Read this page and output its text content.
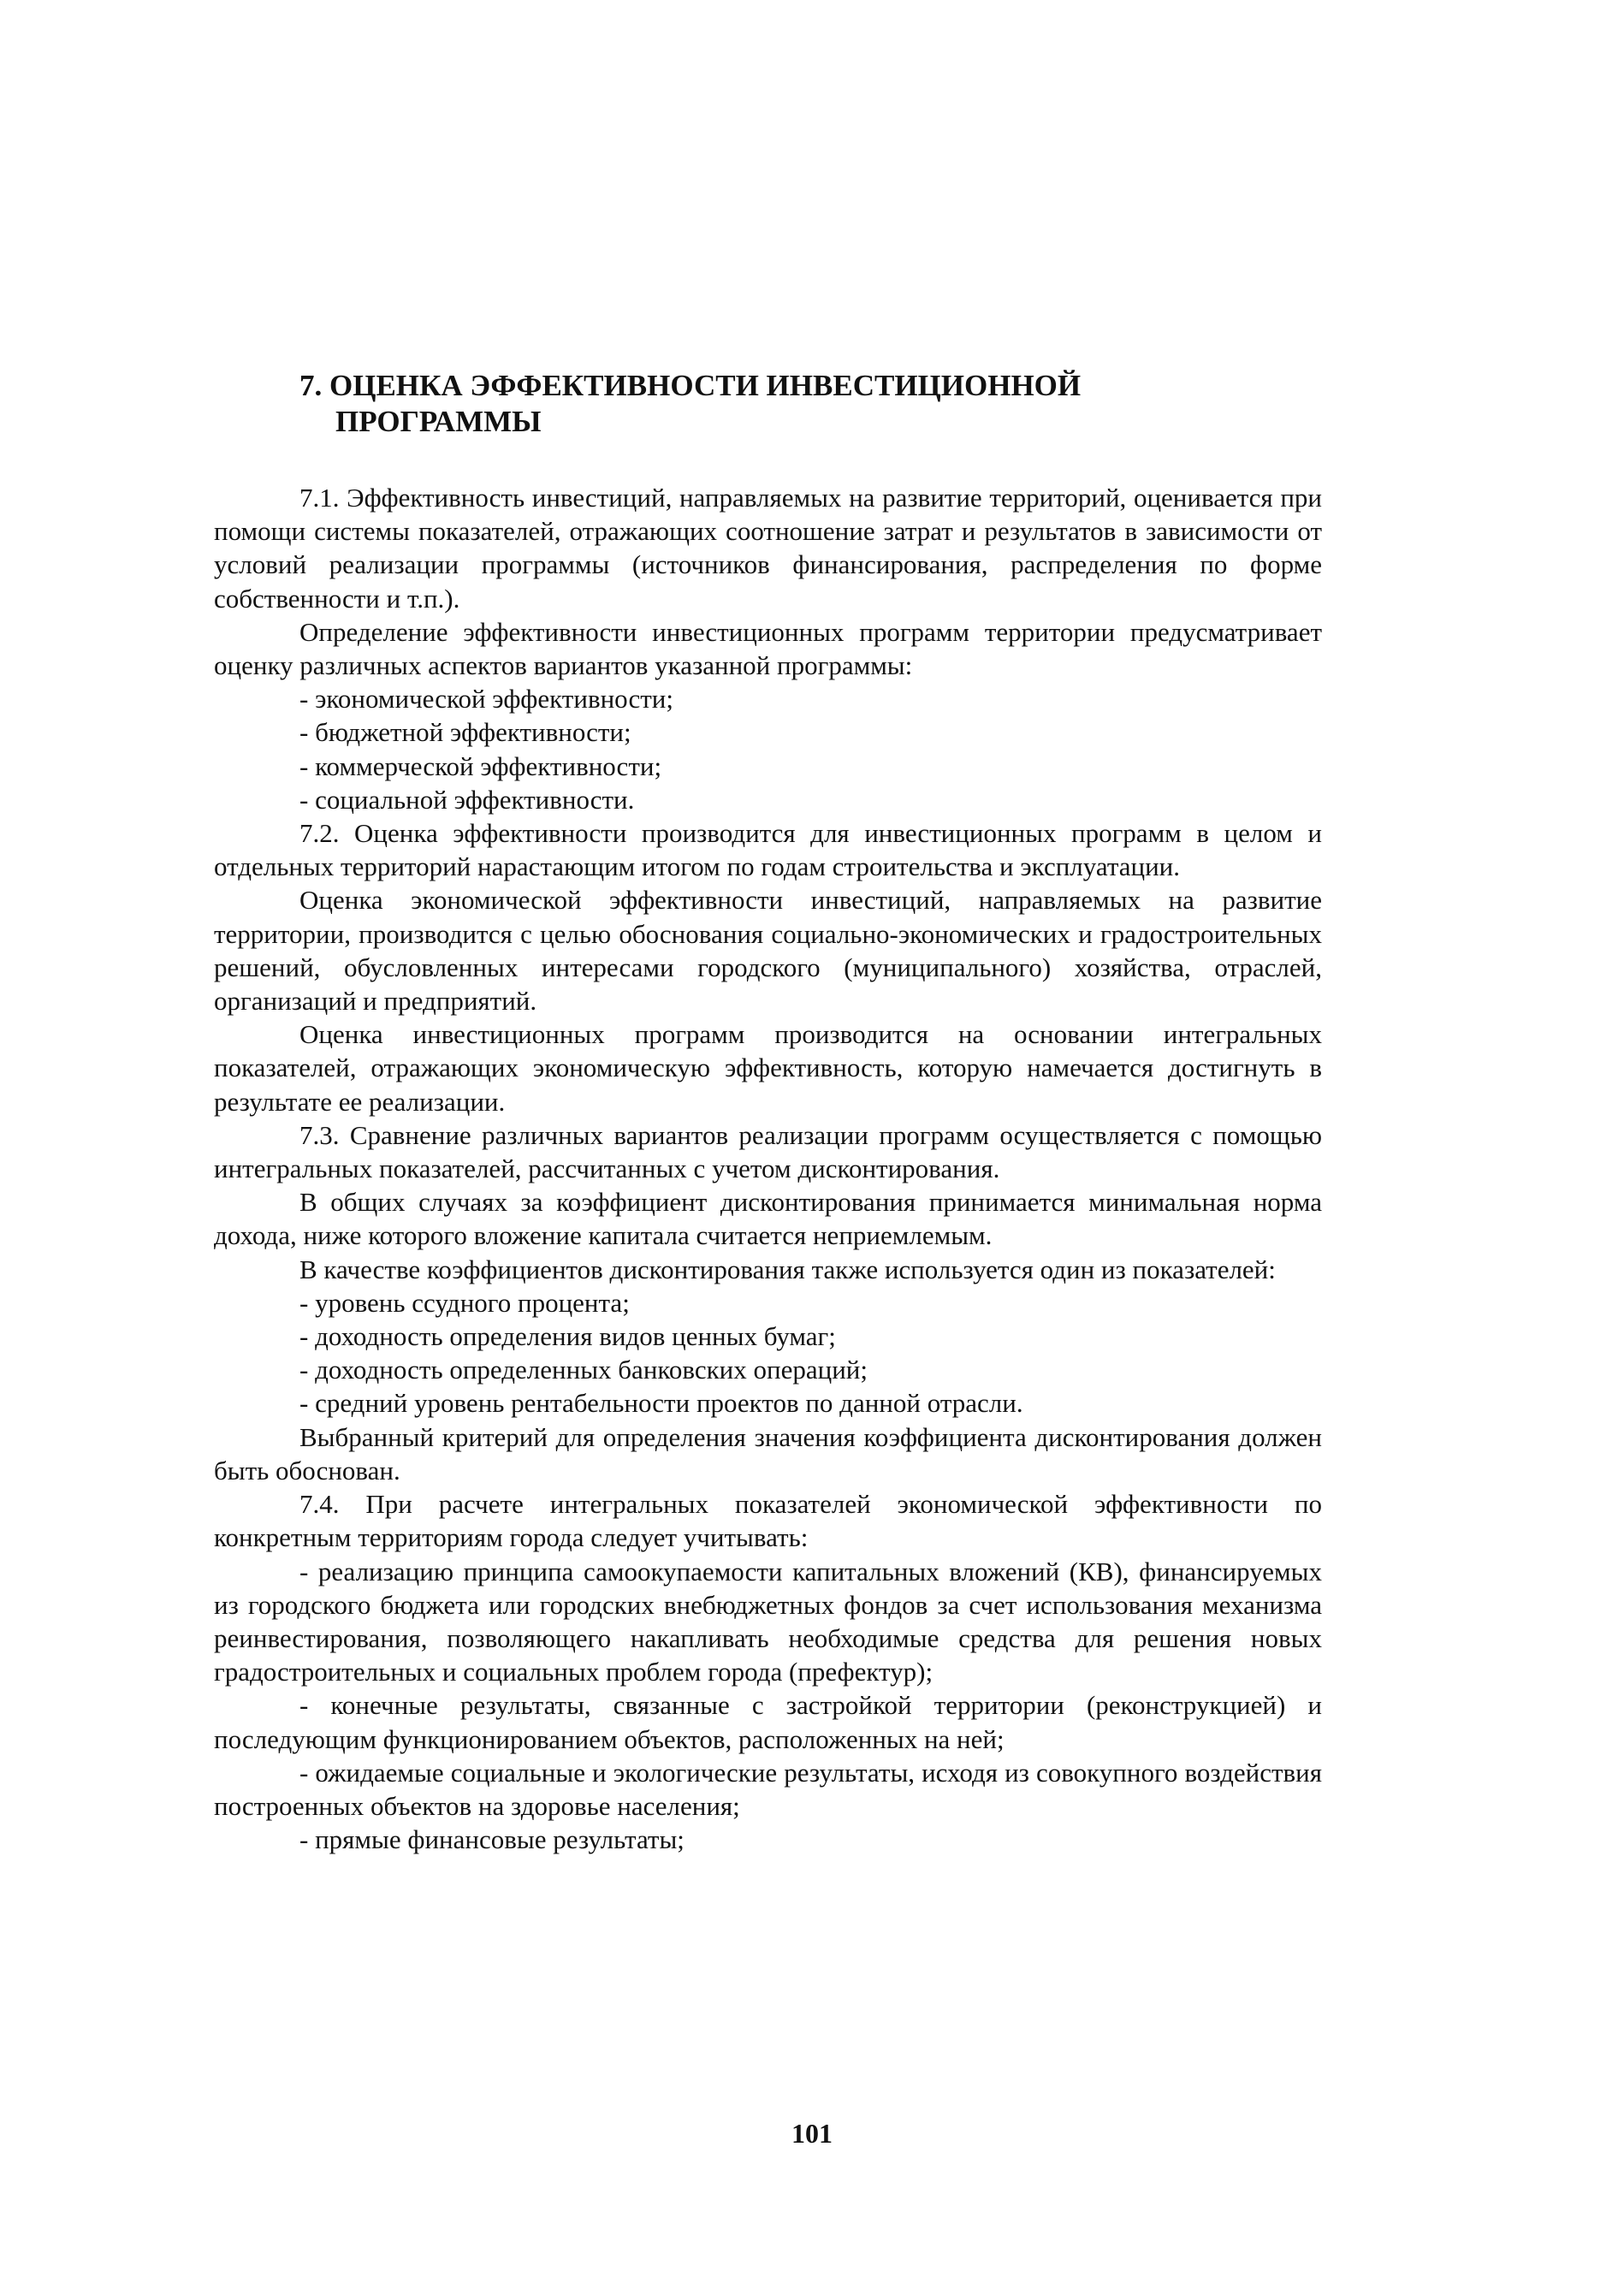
7. ОЦЕНКА ЭФФЕКТИВНОСТИ ИНВЕСТИЦИОННОЙ
ПРОГРАММЫ

7.1. Эффективность инвестиций, направляемых на развитие территорий, оценивается при помощи системы показателей, отражающих соотношение затрат и результатов в зависимости от условий реализации программы (источников финансирования, распределения по форме собственности и т.п.).

Определение эффективности инвестиционных программ территории предусматривает оценку различных аспектов вариантов указанной программы:

- экономической эффективности;

- бюджетной эффективности;

- коммерческой эффективности;

- социальной эффективности.

7.2. Оценка эффективности производится для инвестиционных программ в целом и отдельных территорий нарастающим итогом по годам строительства и эксплуатации.

Оценка экономической эффективности инвестиций, направляемых на развитие территории, производится с целью обоснования социально-экономических и градостроительных решений, обусловленных интересами городского (муниципального) хозяйства, отраслей, организаций и предприятий.

Оценка инвестиционных программ производится на основании интегральных показателей, отражающих экономическую эффективность, которую намечается достигнуть в результате ее реализации.

7.3. Сравнение различных вариантов реализации программ осуществляется с помощью интегральных показателей, рассчитанных с учетом дисконтирования.

В общих случаях за коэффициент дисконтирования принимается минимальная норма дохода, ниже которого вложение капитала считается неприемлемым.

В качестве коэффициентов дисконтирования также используется один из показателей:

- уровень ссудного процента;

- доходность определения видов ценных бумаг;

- доходность определенных банковских операций;

- средний уровень рентабельности проектов по данной отрасли.

Выбранный критерий для определения значения коэффициента дисконтирования должен быть обоснован.

7.4. При расчете интегральных показателей экономической эффективности по конкретным территориям города следует учитывать:

- реализацию принципа самоокупаемости капитальных вложений (КВ), финансируемых из городского бюджета или городских внебюджетных фондов за счет использования механизма реинвестирования, позволяющего накапливать необходимые средства для решения новых градостроительных и социальных проблем города (префектур);

- конечные результаты, связанные с застройкой территории (реконструкцией) и последующим функционированием объектов, расположенных на ней;

- ожидаемые социальные и экологические результаты, исходя из совокупного воздействия построенных объектов на здоровье населения;

- прямые финансовые результаты;

101
